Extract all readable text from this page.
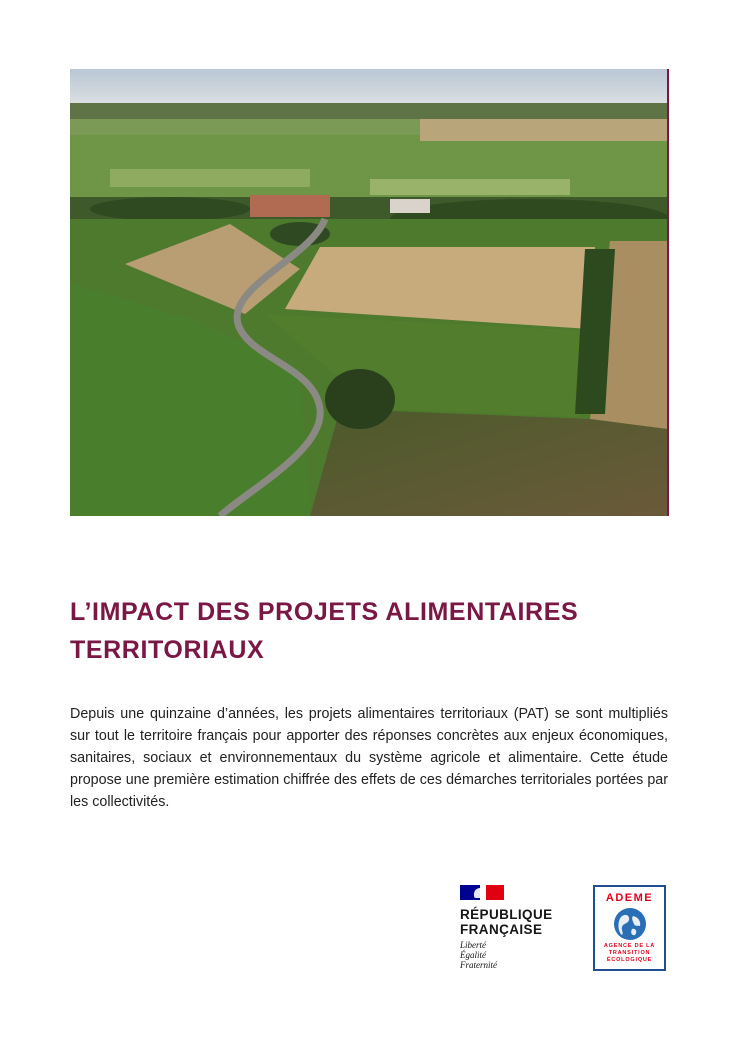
L’IMPACT DES PROJETS ALIMENTAIRES
TERRITORIAUX

Depuis une quinzaine d’années, les projets alimentaires territoriaux (PAT) se sont multipliés sur tout le territoire français pour apporter des réponses concrètes aux enjeux économiques, sanitaires, sociaux et environnementaux du système agricole et alimentaire. Cette étude propose une première estimation chiffrée des effets de ces démarches territoriales portées par les collectivités.

RÉPUBLIQUE
FRANÇAISE
Liberté
Égalité
Fraternité
ADEME
AGENCE DE LA
TRANSITION
ÉCOLOGIQUE
